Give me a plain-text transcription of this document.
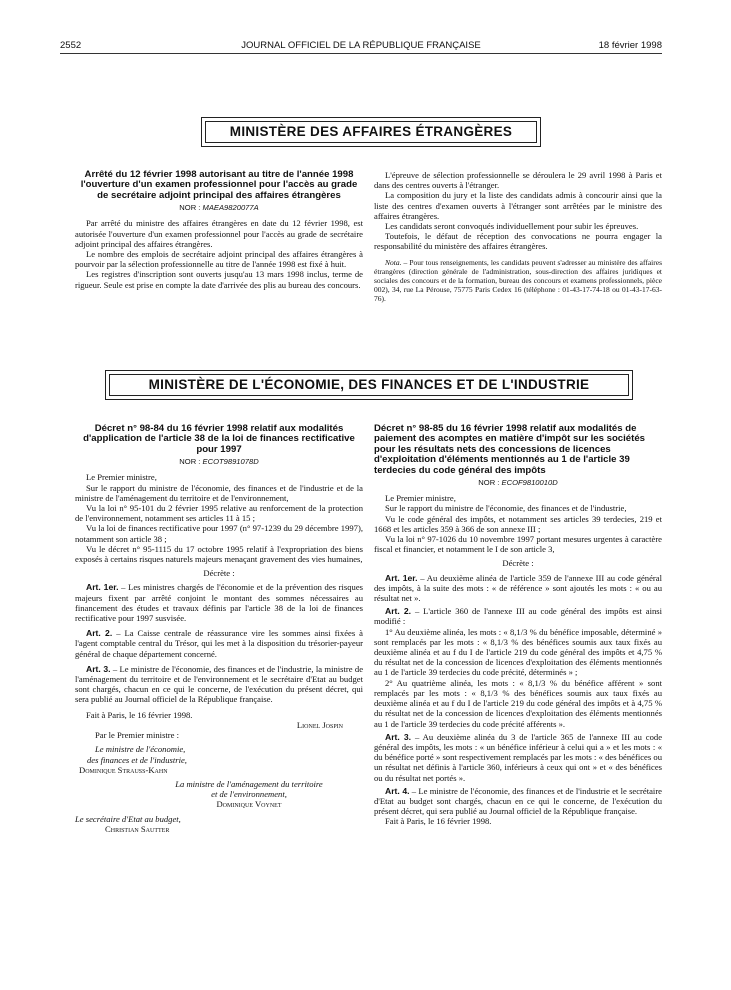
2552	JOURNAL OFFICIEL DE LA RÉPUBLIQUE FRANÇAISE	18 février 1998
MINISTÈRE DES AFFAIRES ÉTRANGÈRES
Arrêté du 12 février 1998 autorisant au titre de l'année 1998 l'ouverture d'un examen professionnel pour l'accès au grade de secrétaire adjoint principal des affaires étrangères
NOR : MAEA9820077A

Par arrêté du ministre des affaires étrangères en date du 12 février 1998, est autorisée l'ouverture d'un examen professionnel pour l'accès au grade de secrétaire adjoint principal des affaires étrangères.

Le nombre des emplois de secrétaire adjoint principal des affaires étrangères à pourvoir par la sélection professionnelle au titre de l'année 1998 est fixé à huit.

Les registres d'inscription sont ouverts jusqu'au 13 mars 1998 inclus, terme de rigueur. Seule est prise en compte la date d'arrivée des plis au bureau des concours.

L'épreuve de sélection professionnelle se déroulera le 29 avril 1998 à Paris et dans des centres ouverts à l'étranger.

La composition du jury et la liste des candidats admis à concourir ainsi que la liste des centres d'examen ouverts à l'étranger sont arrêtées par le ministre des affaires étrangères.

Les candidats seront convoqués individuellement pour subir les épreuves.

Toutefois, le défaut de réception des convocations ne pourra engager la responsabilité du ministère des affaires étrangères.

Nota. – Pour tous renseignements, les candidats peuvent s'adresser au ministère des affaires étrangères (direction générale de l'administration, sous-direction des affaires juridiques et sociales des concours et de la formation, bureau des concours et examens professionnels, pièce 002), 34, rue La Pérouse, 75775 Paris Cedex 16 (téléphone : 01-43-17-74-18 ou 01-43-17-63-76).

MINISTÈRE DE L'ÉCONOMIE, DES FINANCES ET DE L'INDUSTRIE
Décret n° 98-84 du 16 février 1998 relatif aux modalités d'application de l'article 38 de la loi de finances rectificative pour 1997
NOR : ECOT9891078D

Le Premier ministre,

Sur le rapport du ministre de l'économie, des finances et de l'industrie et de la ministre de l'aménagement du territoire et de l'environnement,

Vu la loi n° 95-101 du 2 février 1995 relative au renforcement de la protection de l'environnement, notamment ses articles 11 à 15 ;

Vu la loi de finances rectificative pour 1997 (n° 97-1239 du 29 décembre 1997), notamment son article 38 ;

Vu le décret n° 95-1115 du 17 octobre 1995 relatif à l'expropriation des biens exposés à certains risques naturels majeurs menaçant gravement des vies humaines,

Décrète :

Art. 1er. – Les ministres chargés de l'économie et de la prévention des risques majeurs fixent par arrêté conjoint le montant des sommes nécessaires au financement des études et travaux définis par l'article 38 de la loi de finances rectificative pour 1997 susvisée.

Art. 2. – La Caisse centrale de réassurance vire les sommes ainsi fixées à l'agent comptable central du Trésor, qui les met à la disposition du trésorier-payeur général de chaque département concerné.

Art. 3. – Le ministre de l'économie, des finances et de l'industrie, la ministre de l'aménagement du territoire et de l'environnement et le secrétaire d'Etat au budget sont chargés, chacun en ce qui le concerne, de l'exécution du présent décret, qui sera publié au Journal officiel de la République française.

Fait à Paris, le 16 février 1998.

Lionel Jospin

Par le Premier ministre :

Le ministre de l'économie,

des finances et de l'industrie,

Dominique Strauss-Kahn

La ministre de l'aménagement du territoire

et de l'environnement,

Dominique Voynet

Le secrétaire d'Etat au budget,

Christian Sautter

Décret n° 98-85 du 16 février 1998 relatif aux modalités de paiement des acomptes en matière d'impôt sur les sociétés pour les résultats nets des concessions de licences d'exploitation d'éléments mentionnés au 1 de l'article 39 terdecies du code général des impôts
NOR : ECOF9810010D

Le Premier ministre,

Sur le rapport du ministre de l'économie, des finances et de l'industrie,

Vu le code général des impôts, et notamment ses articles 39 terdecies, 219 et 1668 et les articles 359 à 366 de son annexe III ;

Vu la loi n° 97-1026 du 10 novembre 1997 portant mesures urgentes à caractère fiscal et financier, et notamment le I de son article 3,

Décrète :

Art. 1er. – Au deuxième alinéa de l'article 359 de l'annexe III au code général des impôts, à la suite des mots : « de référence » sont ajoutés les mots : « ou au résultat net ».

Art. 2. – L'article 360 de l'annexe III au code général des impôts est ainsi modifié :

1° Au deuxième alinéa, les mots : « 8,1/3 % du bénéfice imposable, déterminé » sont remplacés par les mots : « 8,1/3 % des bénéfices soumis aux taux fixés au deuxième alinéa et au f du I de l'article 219 du code général des impôts et 4,75 % du résultat net de la concession de licences d'exploitation des éléments mentionnés au 1 de l'article 39 terdecies du code précité, déterminés » ;

2° Au quatrième alinéa, les mots : « 8,1/3 % du bénéfice afférent » sont remplacés par les mots : « 8,1/3 % des bénéfices soumis aux taux fixés au deuxième alinéa et au f du I de l'article 219 du code général des impôts et à 4,75 % du résultat net de la concession de licences d'exploitation des éléments mentionnés au 1 de l'article 39 terdecies du code précité afférents ».

Art. 3. – Au deuxième alinéa du 3 de l'article 365 de l'annexe III au code général des impôts, les mots : « un bénéfice inférieur à celui qui a » et les mots : « du bénéfice porté » sont respectivement remplacés par les mots : « des bénéfices ou un résultat net définis à l'article 360, inférieurs à ceux qui ont » et « des bénéfices ou du résultat net portés ».

Art. 4. – Le ministre de l'économie, des finances et de l'industrie et le secrétaire d'Etat au budget sont chargés, chacun en ce qui le concerne, de l'exécution du présent décret, qui sera publié au Journal officiel de la République française.

Fait à Paris, le 16 février 1998.
